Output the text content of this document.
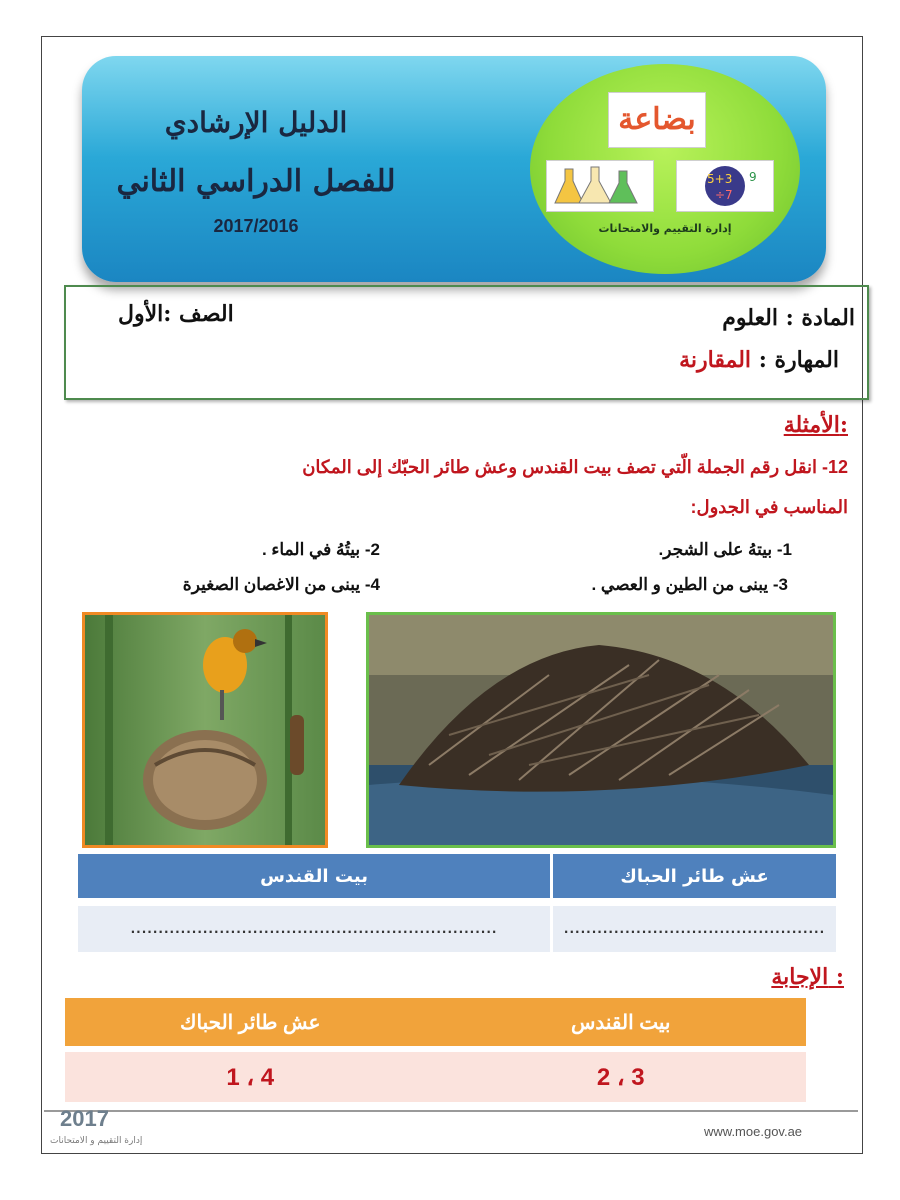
الدليل الإرشادي
للفصل الدراسي الثاني
2017/2016
بضاعة
5+3
÷7
9
إدارة التقييم والامتحانات
المادة : العلوم
الصف :الأول
المهارة : المقارنة
الأمثلة:
12- انقل رقم الجملة الّتي تصف بيت القندس وعش طائر الحبّك إلى المكان
المناسب في الجدول:
1- بيتهُ على الشجر.
2- بيتُهُ في الماء .
3- يبنى من الطين و العصي .
4- يبنى من الاغصان الصغيرة
بيت القندس	عش طائر الحباك

..................................................................	...............................................
الإجابة :
عش طائر الحباك	بيت القندس

1 ، 4	2 ، 3
2017
إدارة التقييم و الامتحانات
www.moe.gov.ae
